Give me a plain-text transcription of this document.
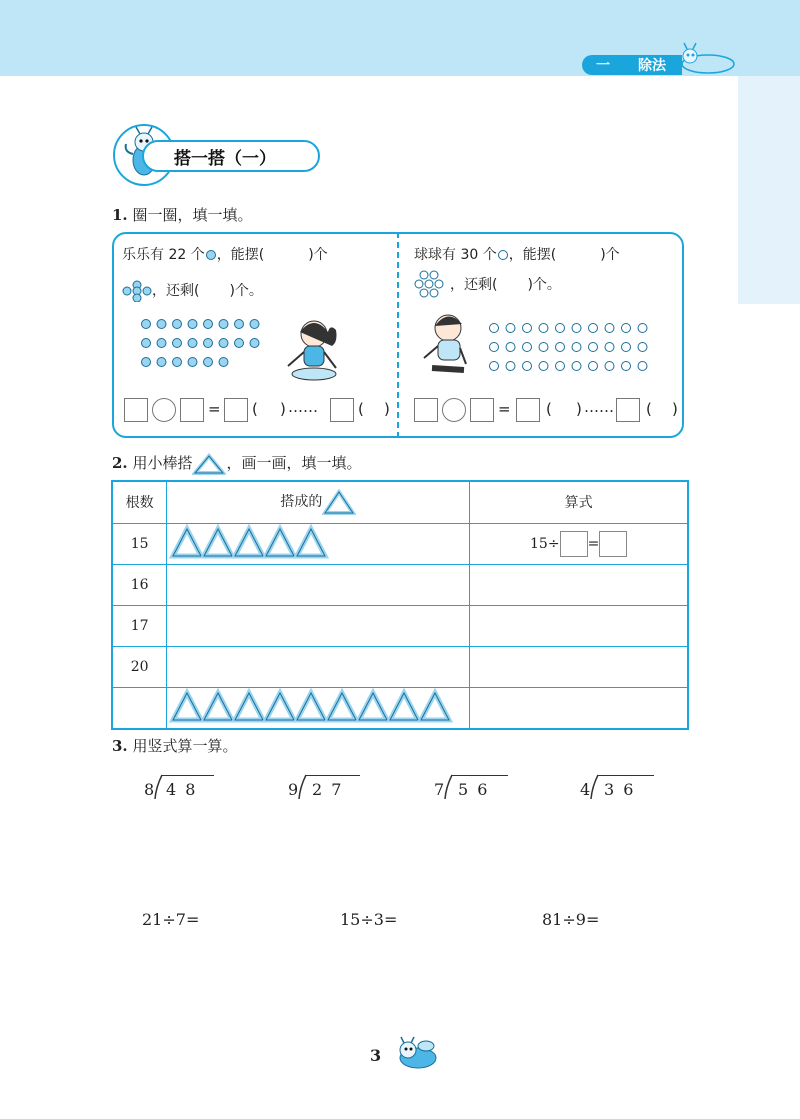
一 除法
搭一搭（一）
1. 圈一圈，填一填。
乐乐有 22 个 ，能摆(	)个
，还剩( )个。
球球有 30 个 ，能摆(	)个
，还剩( )个。
= ( ) ……	( )	= ( ) …… ( )
2. 用小棒搭 ，画一画，填一填。
根数	搭成的	算式
15		15÷ =
16		
17		
20		

3. 用竖式算一算。
8 4 8	9 2 7	7 5 6	4 3 6
21÷7=	15÷3=	81÷9=
3
